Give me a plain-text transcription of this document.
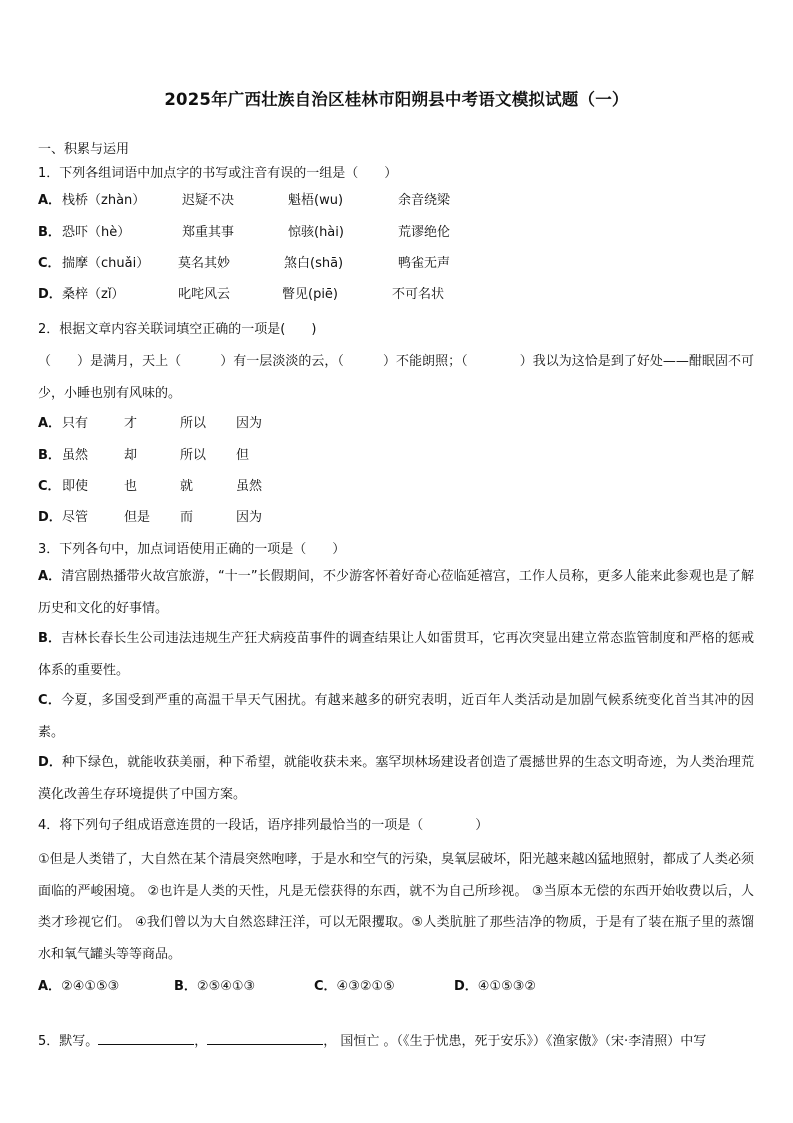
2025年广西壮族自治区桂林市阳朔县中考语文模拟试题（一）
一、积累与运用
1．下列各组词语中加点字的书写或注音有误的一组是（　　）
A． 栈桥（zhàn）	迟疑不决	魁梧(wu)	余音绕梁
B． 恐吓（hè）	郑重其事	惊骇(hài)	荒谬绝伦
C． 揣摩（chuǎi） 莫名其妙	煞白(shā)	鸭雀无声
D． 桑梓（zǐ）	叱咤风云	瞥见(piē)	不可名状
2．根据文章内容关联词填空正确的一项是(　　)
（　　）是满月，天上（　　　）有一层淡淡的云，（　　　）不能朗照；（　　　　）我以为这恰是到了好处——酣眠固不可少，小睡也别有风味的。
A． 只有	才	所以 因为
B． 虽然	却	所以 但
C． 即使	也	就	虽然
D． 尽管	但是 而	因为
3．下列各句中，加点词语使用正确的一项是（　　）
A．清宫剧热播带火故宫旅游，“十一”长假期间，不少游客怀着好奇心莅临延禧宫，工作人员称，更多人能来此参观也是了解历史和文化的好事情。
B．吉林长春长生公司违法违规生产狂犬病疫苗事件的调查结果让人如雷贯耳，它再次突显出建立常态监管制度和严格的惩戒体系的重要性。
C．今夏，多国受到严重的高温干旱天气困扰。有越来越多的研究表明，近百年人类活动是加剧气候系统变化首当其冲的因素。
D．种下绿色，就能收获美丽，种下希望，就能收获未来。塞罕坝林场建设者创造了震撼世界的生态文明奇迹，为人类治理荒漠化改善生存环境提供了中国方案。
4．将下列句子组成语意连贯的一段话，语序排列最恰当的一项是（　　　　）
①但是人类错了，大自然在某个清晨突然咆哮，于是水和空气的污染，臭氧层破坏，阳光越来越凶猛地照射，都成了人类必须面临的严峻困境。 ②也许是人类的天性，凡是无偿获得的东西，就不为自己所珍视。 ③当原本无偿的东西开始收费以后，人类才珍视它们。 ④我们曾以为大自然恣肆汪洋，可以无限攫取。⑤人类肮脏了那些洁净的物质，于是有了装在瓶子里的蒸馏水和氧气罐头等等商品。
A．②④①⑤③	B．②⑤④①③	C．④③②①⑤	D．④①⑤③②
5．默写。	，	， 国恒亡 。（《生于忧患，死于安乐》）《渔家傲》（宋·李清照）中写
